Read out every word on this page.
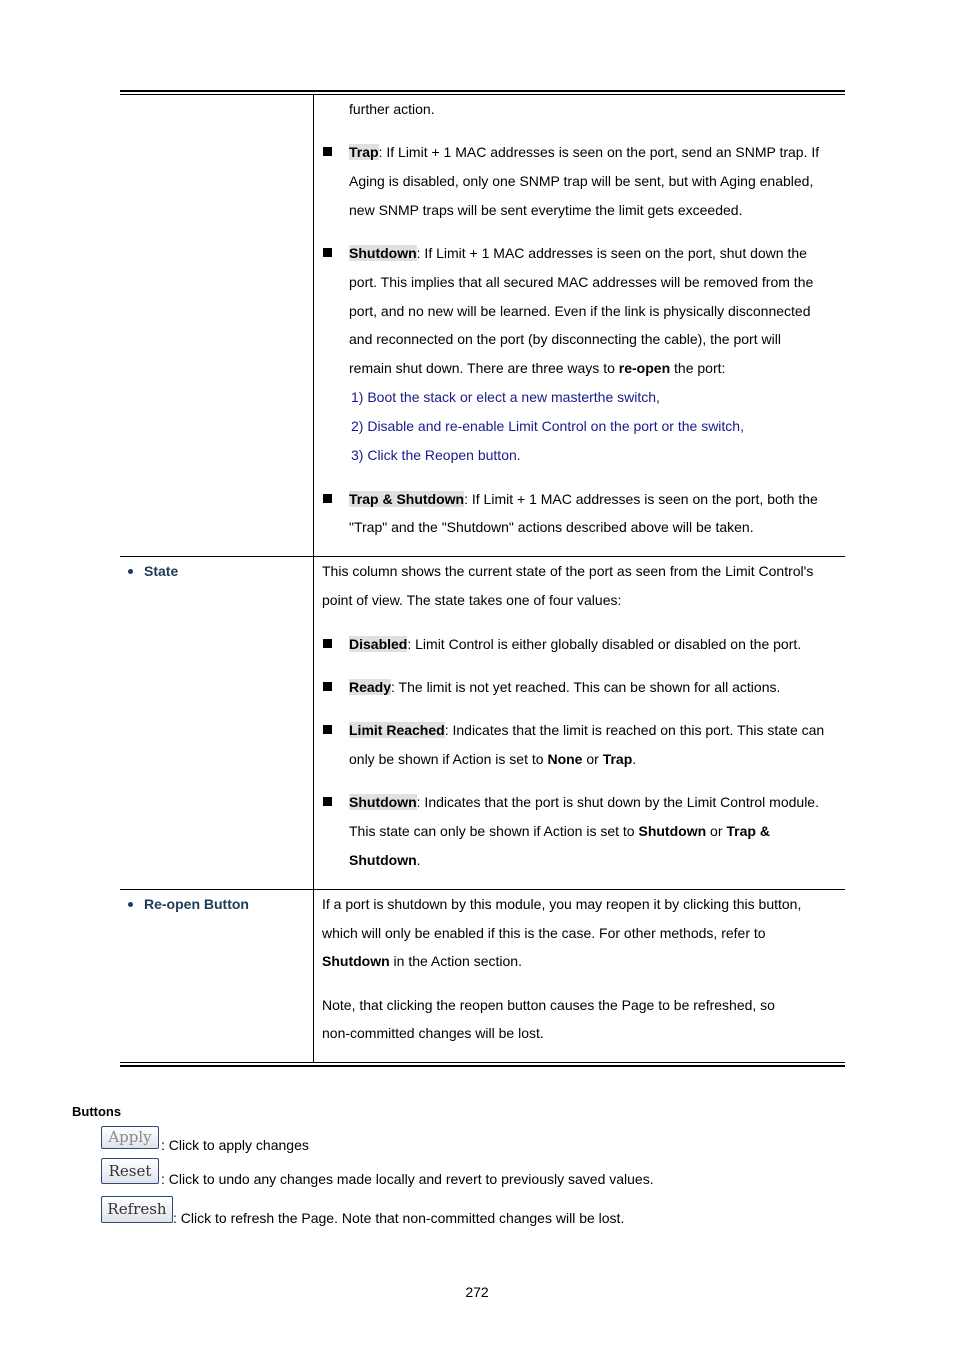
further action.
Trap: If Limit + 1 MAC addresses is seen on the port, send an SNMP trap. If
Aging is disabled, only one SNMP trap will be sent, but with Aging enabled,
new SNMP traps will be sent everytime the limit gets exceeded.
Shutdown: If Limit + 1 MAC addresses is seen on the port, shut down the
port. This implies that all secured MAC addresses will be removed from the
port, and no new will be learned. Even if the link is physically disconnected
and reconnected on the port (by disconnecting the cable), the port will
remain shut down. There are three ways to re-open the port:
1) Boot the stack or elect a new masterthe switch,
2) Disable and re-enable Limit Control on the port or the switch,
3) Click the Reopen button.
Trap & Shutdown: If Limit + 1 MAC addresses is seen on the port, both the
"Trap" and the "Shutdown" actions described above will be taken.
State	This column shows the current state of the port as seen from the Limit Control's
point of view. The state takes one of four values:
Disabled: Limit Control is either globally disabled or disabled on the port.
Ready: The limit is not yet reached. This can be shown for all actions.
Limit Reached: Indicates that the limit is reached on this port. This state can
only be shown if Action is set to None or Trap.
Shutdown: Indicates that the port is shut down by the Limit Control module.
This state can only be shown if Action is set to Shutdown or Trap &
Shutdown.
Re-open Button	If a port is shutdown by this module, you may reopen it by clicking this button,
which will only be enabled if this is the case. For other methods, refer to
Shutdown in the Action section.
Note, that clicking the reopen button causes the Page to be refreshed, so
non-committed changes will be lost.
Buttons
Apply : Click to apply changes
Reset : Click to undo any changes made locally and revert to previously saved values.
Refresh : Click to refresh the Page. Note that non-committed changes will be lost.
272
